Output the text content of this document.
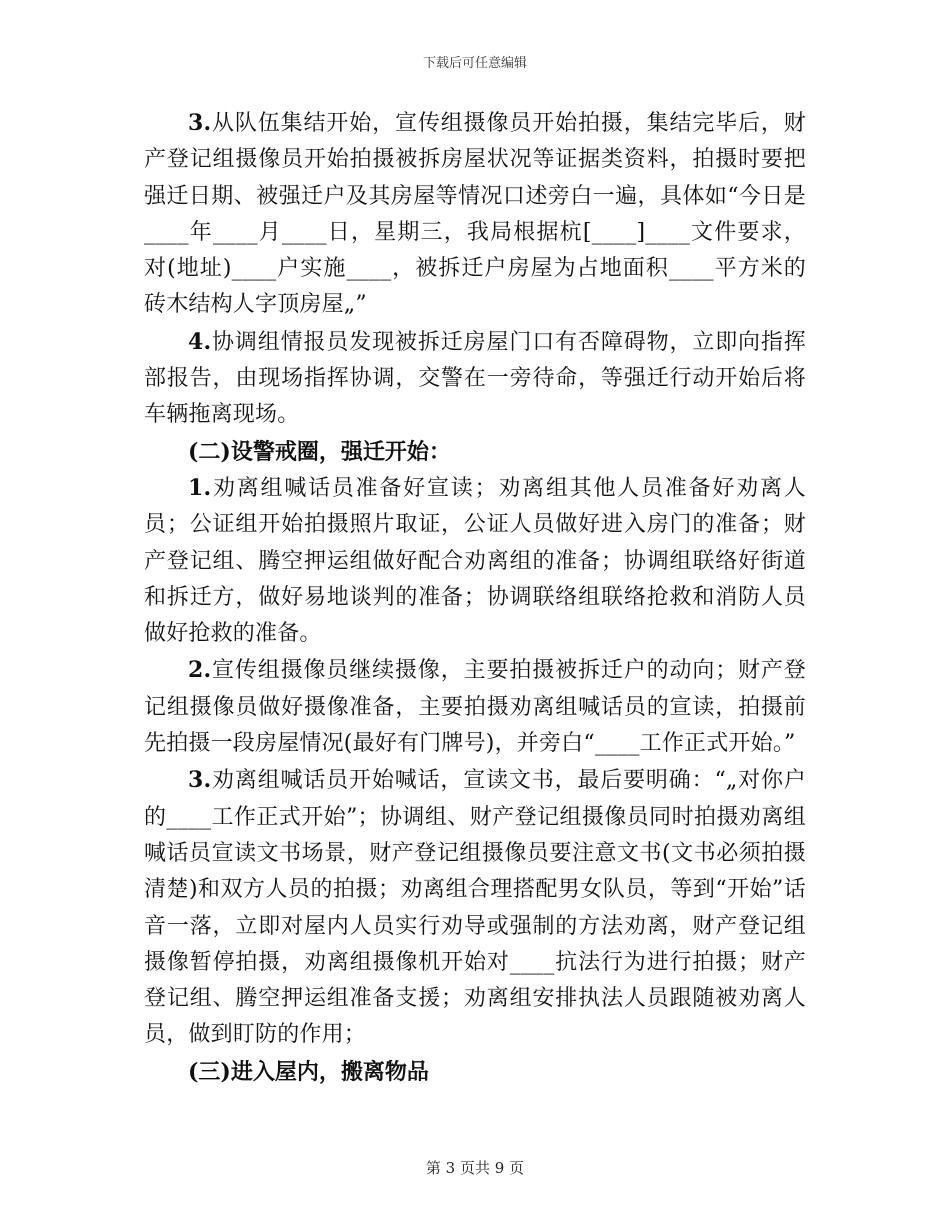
下载后可任意编辑

3.从队伍集结开始，宣传组摄像员开始拍摄，集结完毕后，财产登记组摄像员开始拍摄被拆房屋状况等证据类资料，拍摄时要把强迁日期、被强迁户及其房屋等情况口述旁白一遍，具体如“今日是____年____月____日，星期三，我局根据杭[____]____文件要求，对(地址)____户实施____，被拆迁户房屋为占地面积____平方米的砖木结构人字顶房屋„”

4.协调组情报员发现被拆迁房屋门口有否障碍物，立即向指挥部报告，由现场指挥协调，交警在一旁待命，等强迁行动开始后将车辆拖离现场。

(二)设警戒圈，强迁开始：

1.劝离组喊话员准备好宣读；劝离组其他人员准备好劝离人员；公证组开始拍摄照片取证，公证人员做好进入房门的准备；财产登记组、腾空押运组做好配合劝离组的准备；协调组联络好街道和拆迁方，做好易地谈判的准备；协调联络组联络抢救和消防人员做好抢救的准备。

2.宣传组摄像员继续摄像，主要拍摄被拆迁户的动向；财产登记组摄像员做好摄像准备，主要拍摄劝离组喊话员的宣读，拍摄前先拍摄一段房屋情况(最好有门牌号)，并旁白“____工作正式开始。”

3.劝离组喊话员开始喊话，宣读文书，最后要明确：“„对你户的____工作正式开始”；协调组、财产登记组摄像员同时拍摄劝离组喊话员宣读文书场景，财产登记组摄像员要注意文书(文书必须拍摄清楚)和双方人员的拍摄；劝离组合理搭配男女队员，等到“开始”话音一落，立即对屋内人员实行劝导或强制的方法劝离，财产登记组摄像暂停拍摄，劝离组摄像机开始对____抗法行为进行拍摄；财产登记组、腾空押运组准备支援；劝离组安排执法人员跟随被劝离人员，做到盯防的作用；

(三)进入屋内，搬离物品

第 3 页共 9 页
